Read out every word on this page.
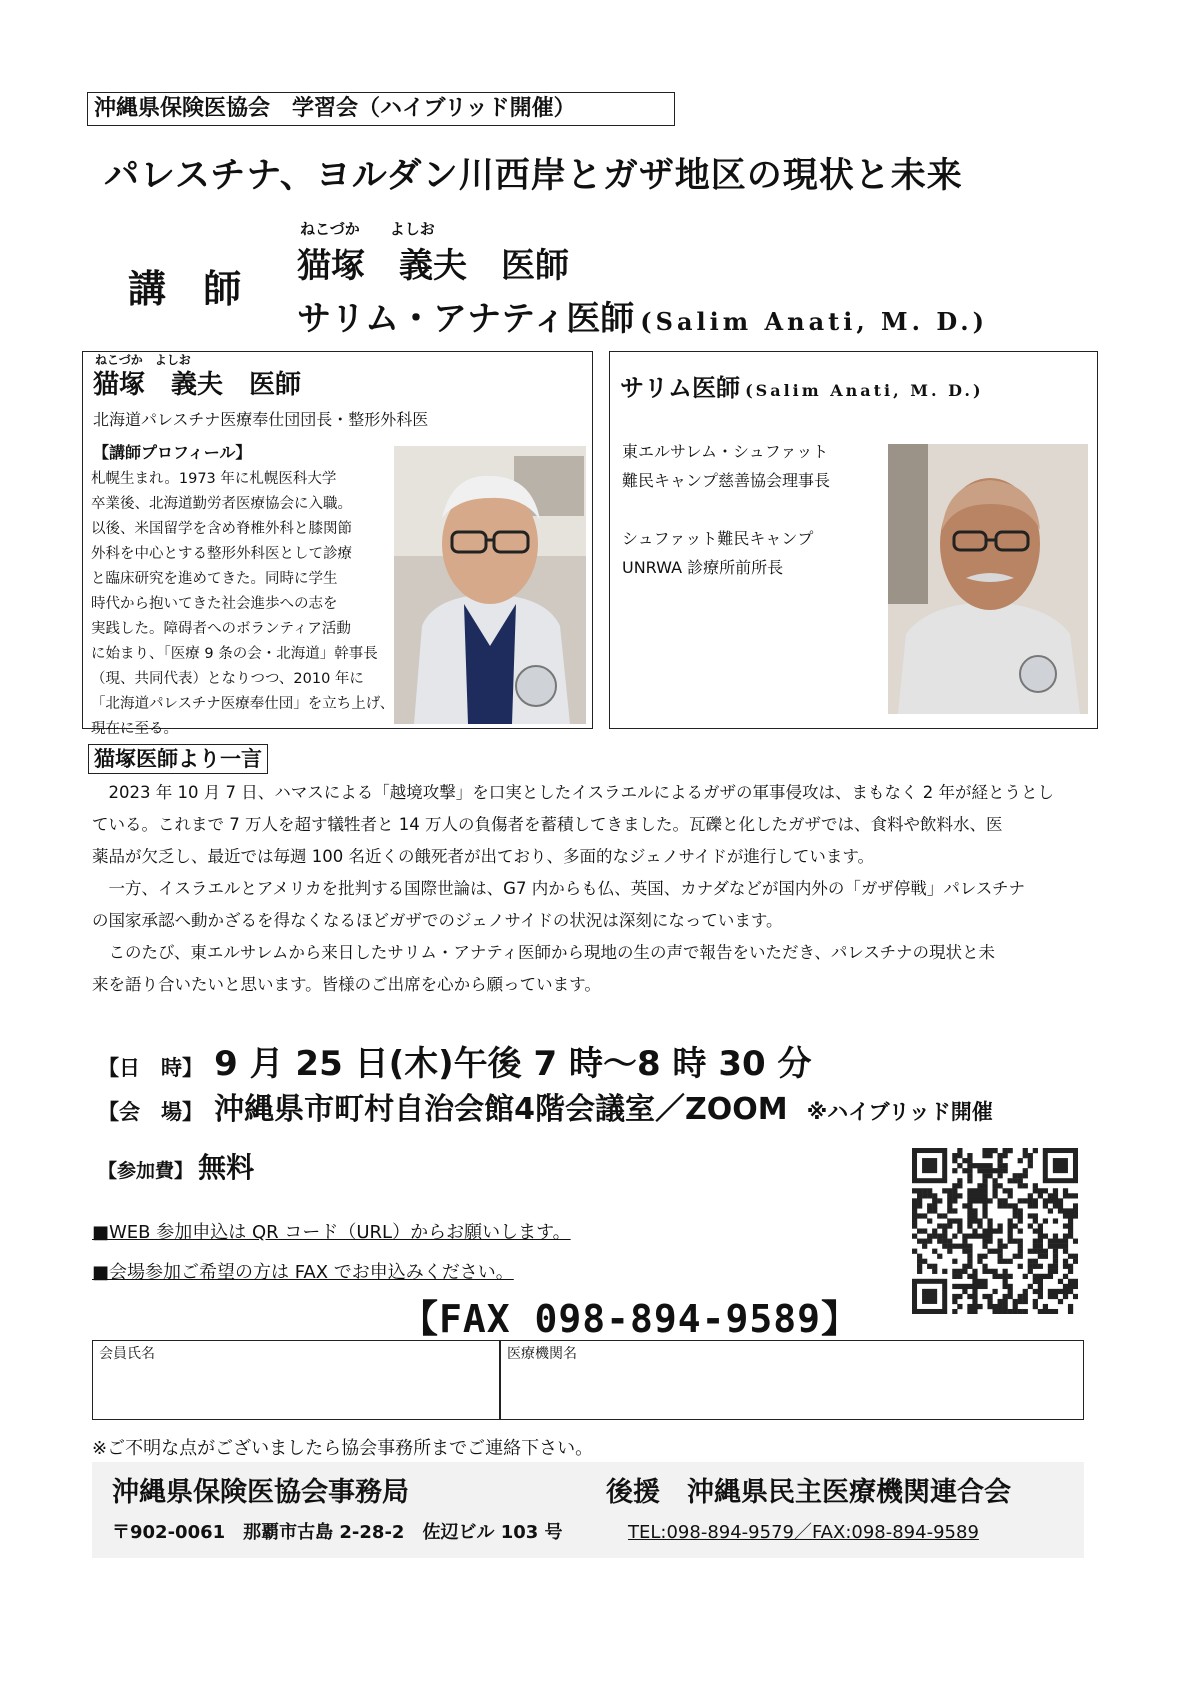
沖縄県保険医協会　学習会（ハイブリッド開催）
パレスチナ、ヨルダン川西岸とガザ地区の現状と未来
ねこづか　　よしお
講 師 猫塚　義夫　医師
サリム・アナティ医師 (Salim Anati, M. D.)
ねこづか　よしお
猫塚　義夫　医師
北海道パレスチナ医療奉仕団団長・整形外科医
【講師プロフィール】
札幌生まれ。1973 年に札幌医科大学
卒業後、北海道勤労者医療協会に入職。
以後、米国留学を含め脊椎外科と膝関節
外科を中心とする整形外科医として診療
と臨床研究を進めてきた。同時に学生
時代から抱いてきた社会進歩への志を
実践した。障碍者へのボランティア活動
に始まり、「医療 9 条の会・北海道」幹事長
（現、共同代表）となりつつ、2010 年に
「北海道パレスチナ医療奉仕団」を立ち上げ、
現在に至る。
サリム医師 (Salim Anati, M. D.)
東エルサレム・シュファット
難民キャンプ慈善協会理事長
シュファット難民キャンプ
UNRWA 診療所前所長
猫塚医師より一言

　2023 年 10 月 7 日、ハマスによる「越境攻撃」を口実としたイスラエルによるガザの軍事侵攻は、まもなく 2 年が経とうとし

ている。これまで 7 万人を超す犠牲者と 14 万人の負傷者を蓄積してきました。瓦礫と化したガザでは、食料や飲料水、医

薬品が欠乏し、最近では毎週 100 名近くの餓死者が出ており、多面的なジェノサイドが進行しています。

　一方、イスラエルとアメリカを批判する国際世論は、G7 内からも仏、英国、カナダなどが国内外の「ガザ停戦」パレスチナ

の国家承認へ動かざるを得なくなるほどガザでのジェノサイドの状況は深刻になっています。

　このたび、東エルサレムから来日したサリム・アナティ医師から現地の生の声で報告をいただき、パレスチナの現状と未

来を語り合いたいと思います。皆様のご出席を心から願っています。

【日　時】 9 月 25 日(木)午後 7 時～8 時 30 分
【会　場】 沖縄県市町村自治会館4階会議室／ZOOM ※ハイブリッド開催
【参加費】 無料
■WEB 参加申込は QR コード（URL）からお願いします。
■会場参加ご希望の方は FAX でお申込みください。
【FAX 098-894-9589】
会員氏名	医療機関名
※ご不明な点がございましたら協会事務所までご連絡下さい。
沖縄県保険医協会事務局
〒902-0061　那覇市古島 2-28-2　佐辺ビル 103 号
後援　沖縄県民主医療機関連合会
TEL:098-894-9579／FAX:098-894-9589
